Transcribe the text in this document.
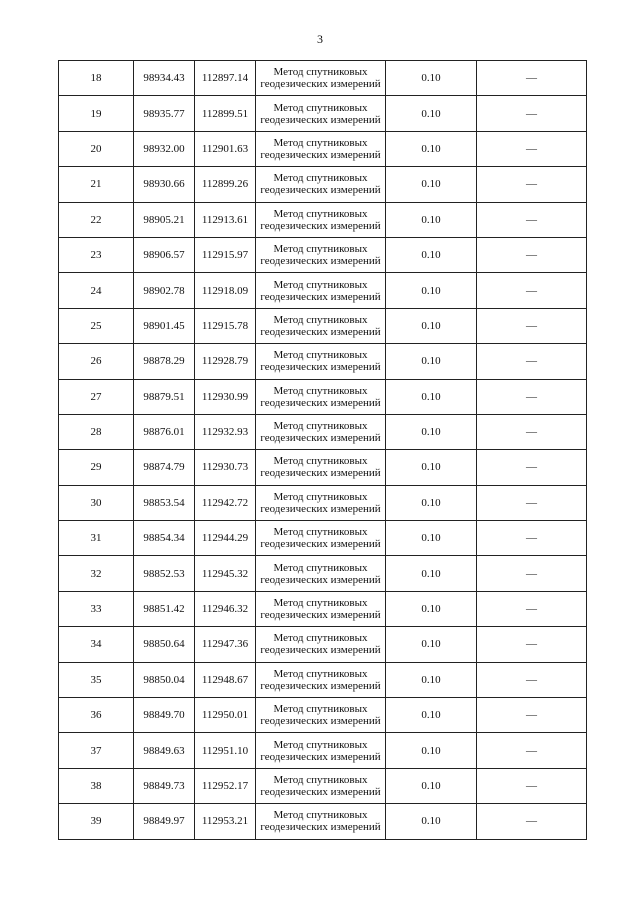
3
18	98934.43	112897.14	Метод спутниковых
геодезических измерений	0.10	—
19	98935.77	112899.51	Метод спутниковых
геодезических измерений	0.10	—
20	98932.00	112901.63	Метод спутниковых
геодезических измерений	0.10	—
21	98930.66	112899.26	Метод спутниковых
геодезических измерений	0.10	—
22	98905.21	112913.61	Метод спутниковых
геодезических измерений	0.10	—
23	98906.57	112915.97	Метод спутниковых
геодезических измерений	0.10	—
24	98902.78	112918.09	Метод спутниковых
геодезических измерений	0.10	—
25	98901.45	112915.78	Метод спутниковых
геодезических измерений	0.10	—
26	98878.29	112928.79	Метод спутниковых
геодезических измерений	0.10	—
27	98879.51	112930.99	Метод спутниковых
геодезических измерений	0.10	—
28	98876.01	112932.93	Метод спутниковых
геодезических измерений	0.10	—
29	98874.79	112930.73	Метод спутниковых
геодезических измерений	0.10	—
30	98853.54	112942.72	Метод спутниковых
геодезических измерений	0.10	—
31	98854.34	112944.29	Метод спутниковых
геодезических измерений	0.10	—
32	98852.53	112945.32	Метод спутниковых
геодезических измерений	0.10	—
33	98851.42	112946.32	Метод спутниковых
геодезических измерений	0.10	—
34	98850.64	112947.36	Метод спутниковых
геодезических измерений	0.10	—
35	98850.04	112948.67	Метод спутниковых
геодезических измерений	0.10	—
36	98849.70	112950.01	Метод спутниковых
геодезических измерений	0.10	—
37	98849.63	112951.10	Метод спутниковых
геодезических измерений	0.10	—
38	98849.73	112952.17	Метод спутниковых
геодезических измерений	0.10	—
39	98849.97	112953.21	Метод спутниковых
геодезических измерений	0.10	—
